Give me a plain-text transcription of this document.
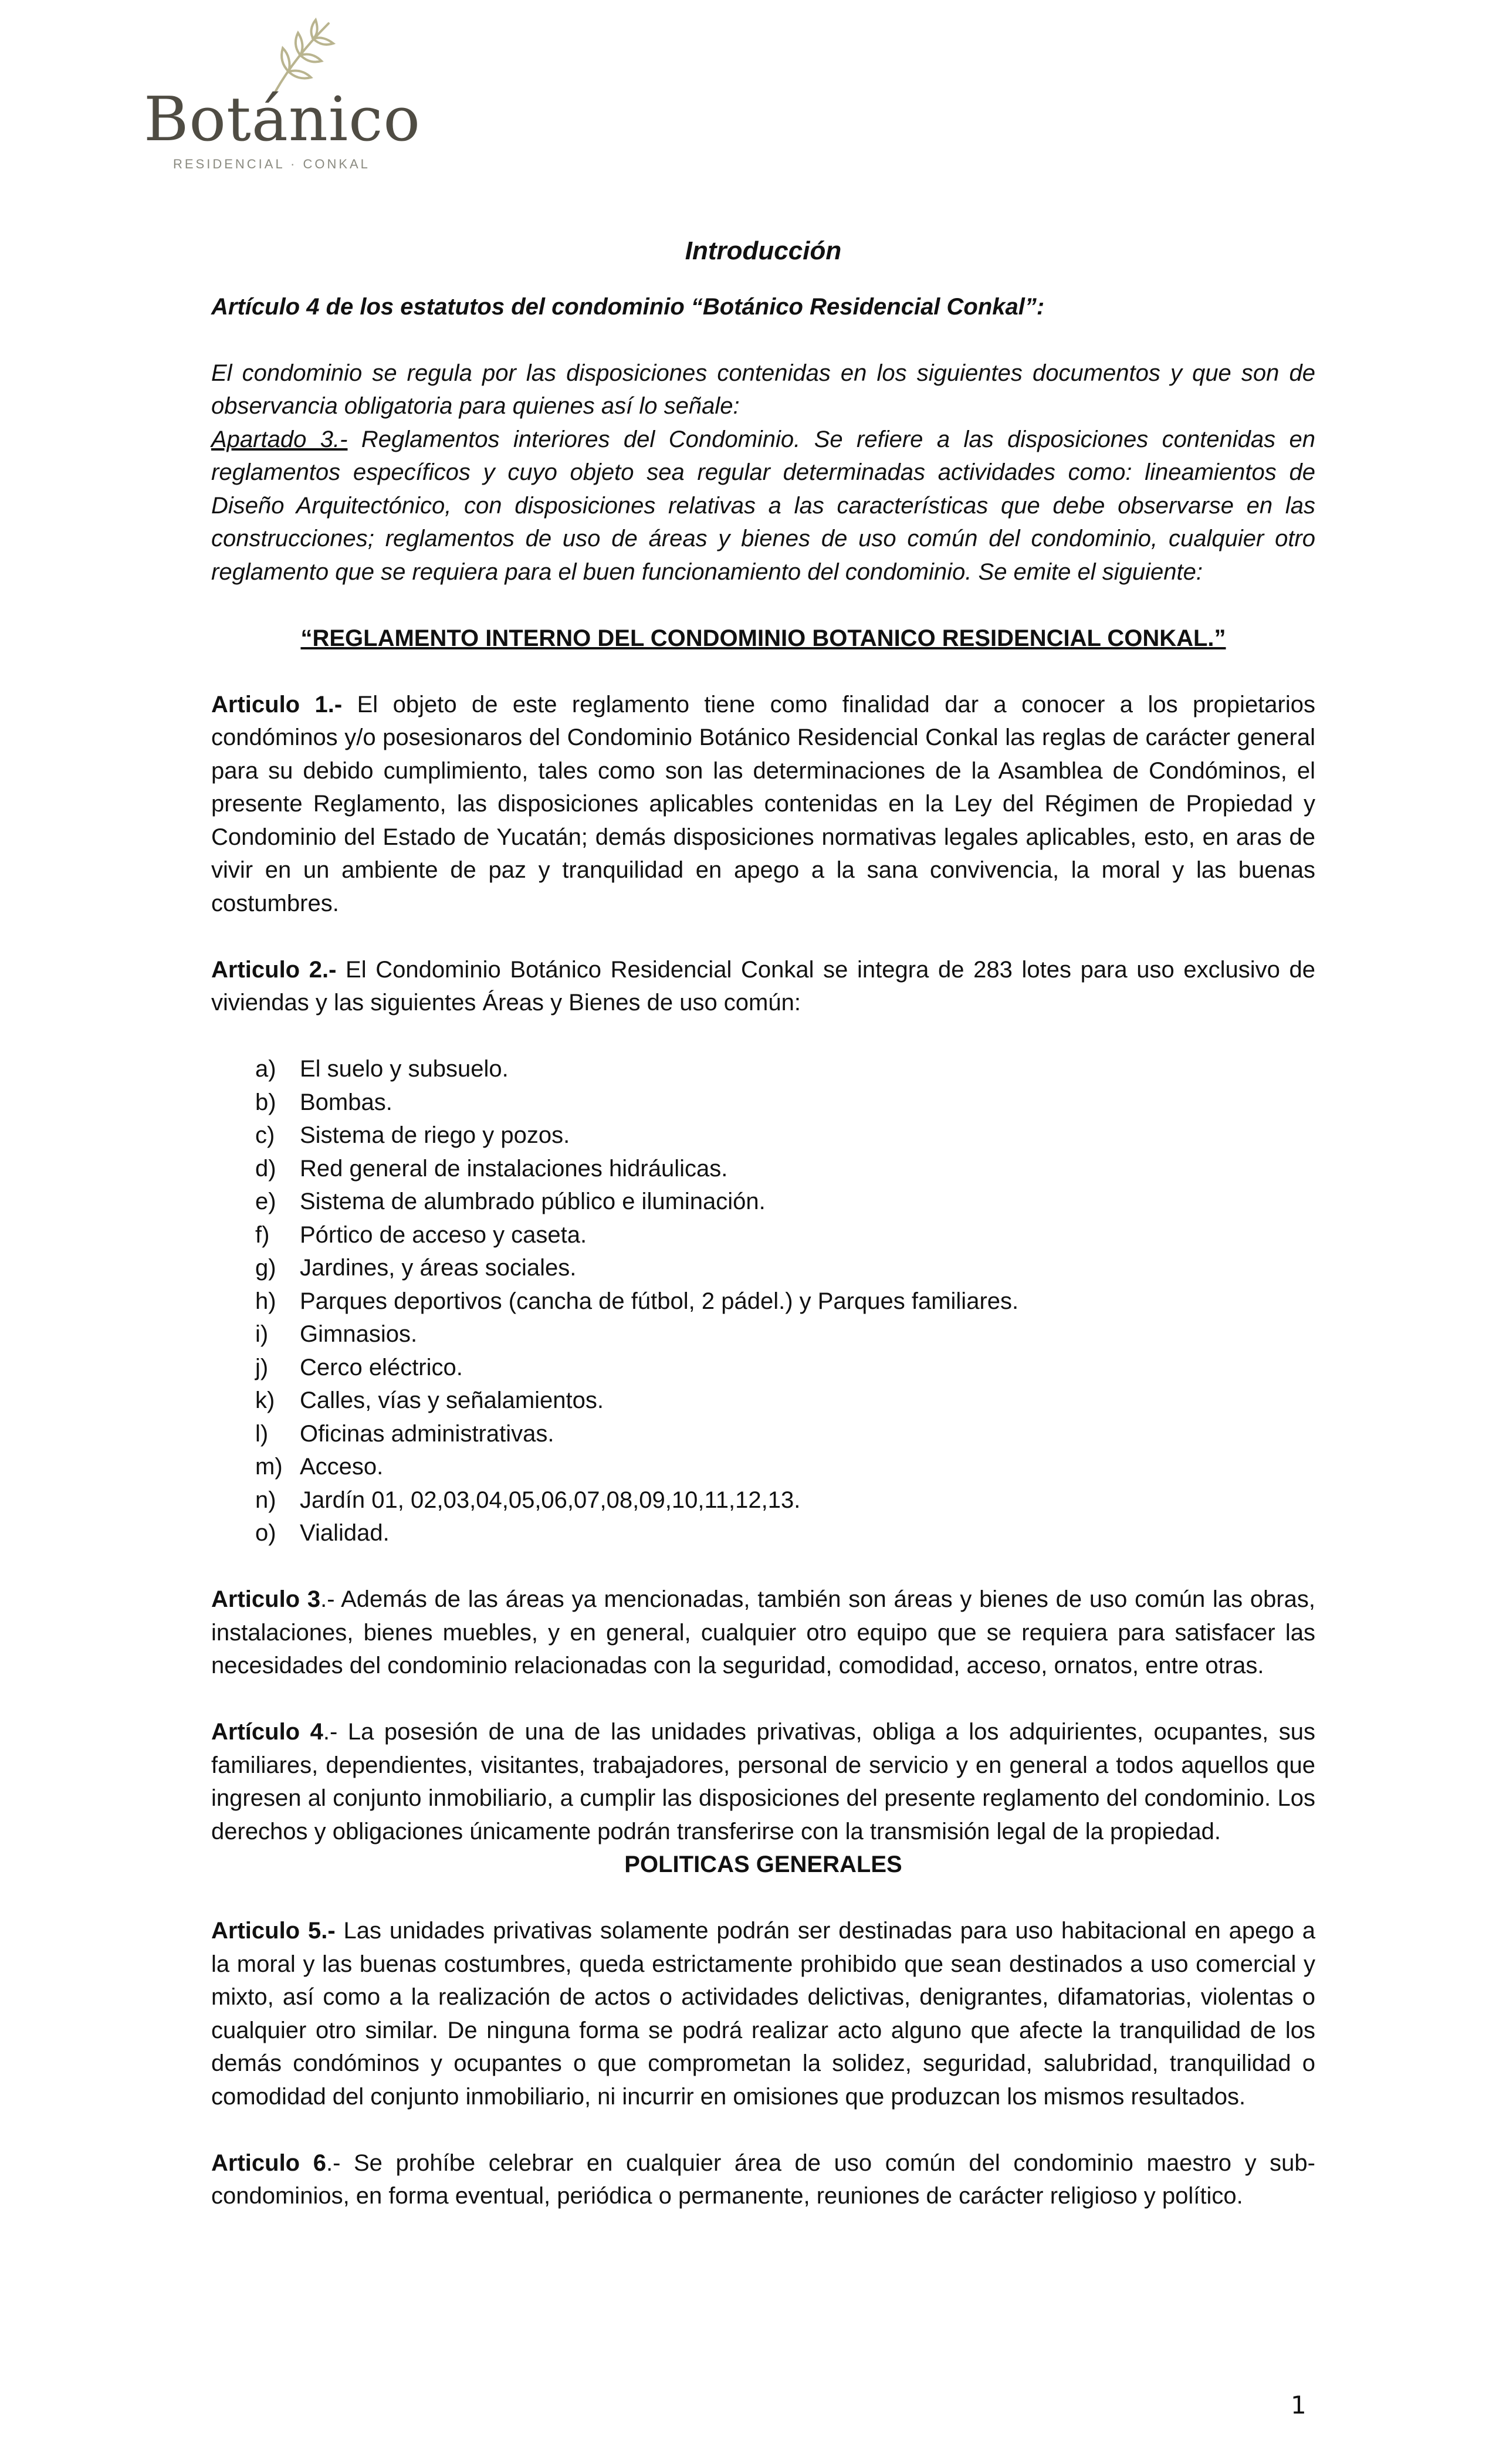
Botánico
RESIDENCIAL · CONKAL
Introducción

Artículo 4 de los estatutos del condominio “Botánico Residencial Conkal”:

El condominio se regula por las disposiciones contenidas en los siguientes documentos y que son de observancia obligatoria para quienes así lo señale:

Apartado 3.- Reglamentos interiores del Condominio. Se refiere a las disposiciones contenidas en reglamentos específicos y cuyo objeto sea regular determinadas actividades como: lineamientos de Diseño Arquitectónico, con disposiciones relativas a las características que debe observarse en las construcciones; reglamentos de uso de áreas y bienes de uso común del condominio, cualquier otro reglamento que se requiera para el buen funcionamiento del condominio. Se emite el siguiente:

“REGLAMENTO INTERNO DEL CONDOMINIO BOTANICO RESIDENCIAL CONKAL.”

Articulo 1.- El objeto de este reglamento tiene como finalidad dar a conocer a los propietarios condóminos y/o posesionaros del Condominio Botánico Residencial Conkal las reglas de carácter general para su debido cumplimiento, tales como son las determinaciones de la Asamblea de Condóminos, el presente Reglamento, las disposiciones aplicables contenidas en la Ley del Régimen de Propiedad y Condominio del Estado de Yucatán; demás disposiciones normativas legales aplicables, esto, en aras de vivir en un ambiente de paz y tranquilidad en apego a la sana convivencia, la moral y las buenas costumbres.

Articulo 2.- El Condominio Botánico Residencial Conkal se integra de 283 lotes para uso exclusivo de viviendas y las siguientes Áreas y Bienes de uso común:

a)	El suelo y subsuelo.
b)	Bombas.
c)	Sistema de riego y pozos.
d)	Red general de instalaciones hidráulicas.
e)	Sistema de alumbrado público e iluminación.
f)	Pórtico de acceso y caseta.
g)	Jardines, y áreas sociales.
h)	Parques deportivos (cancha de fútbol, 2 pádel.) y Parques familiares.
i)	Gimnasios.
j)	Cerco eléctrico.
k)	Calles, vías y señalamientos.
l)	Oficinas administrativas.
m) Acceso.
n)	Jardín 01, 02,03,04,05,06,07,08,09,10,11,12,13.
o)	Vialidad.

Articulo 3.- Además de las áreas ya mencionadas, también son áreas y bienes de uso común las obras, instalaciones, bienes muebles, y en general, cualquier otro equipo que se requiera para satisfacer las necesidades del condominio relacionadas con la seguridad, comodidad, acceso, ornatos, entre otras.

Artículo 4.- La posesión de una de las unidades privativas, obliga a los adquirientes, ocupantes, sus familiares, dependientes, visitantes, trabajadores, personal de servicio y en general a todos aquellos que ingresen al conjunto inmobiliario, a cumplir las disposiciones del presente reglamento del condominio. Los derechos y obligaciones únicamente podrán transferirse con la transmisión legal de la propiedad.

POLITICAS GENERALES

Articulo 5.- Las unidades privativas solamente podrán ser destinadas para uso habitacional en apego a la moral y las buenas costumbres, queda estrictamente prohibido que sean destinados a uso comercial y mixto, así como a la realización de actos o actividades delictivas, denigrantes, difamatorias, violentas o cualquier otro similar. De ninguna forma se podrá realizar acto alguno que afecte la tranquilidad de los demás condóminos y ocupantes o que comprometan la solidez, seguridad, salubridad, tranquilidad o comodidad del conjunto inmobiliario, ni incurrir en omisiones que produzcan los mismos resultados.

Articulo 6.- Se prohíbe celebrar en cualquier área de uso común del condominio maestro y sub-condominios, en forma eventual, periódica o permanente, reuniones de carácter religioso y político.

1
